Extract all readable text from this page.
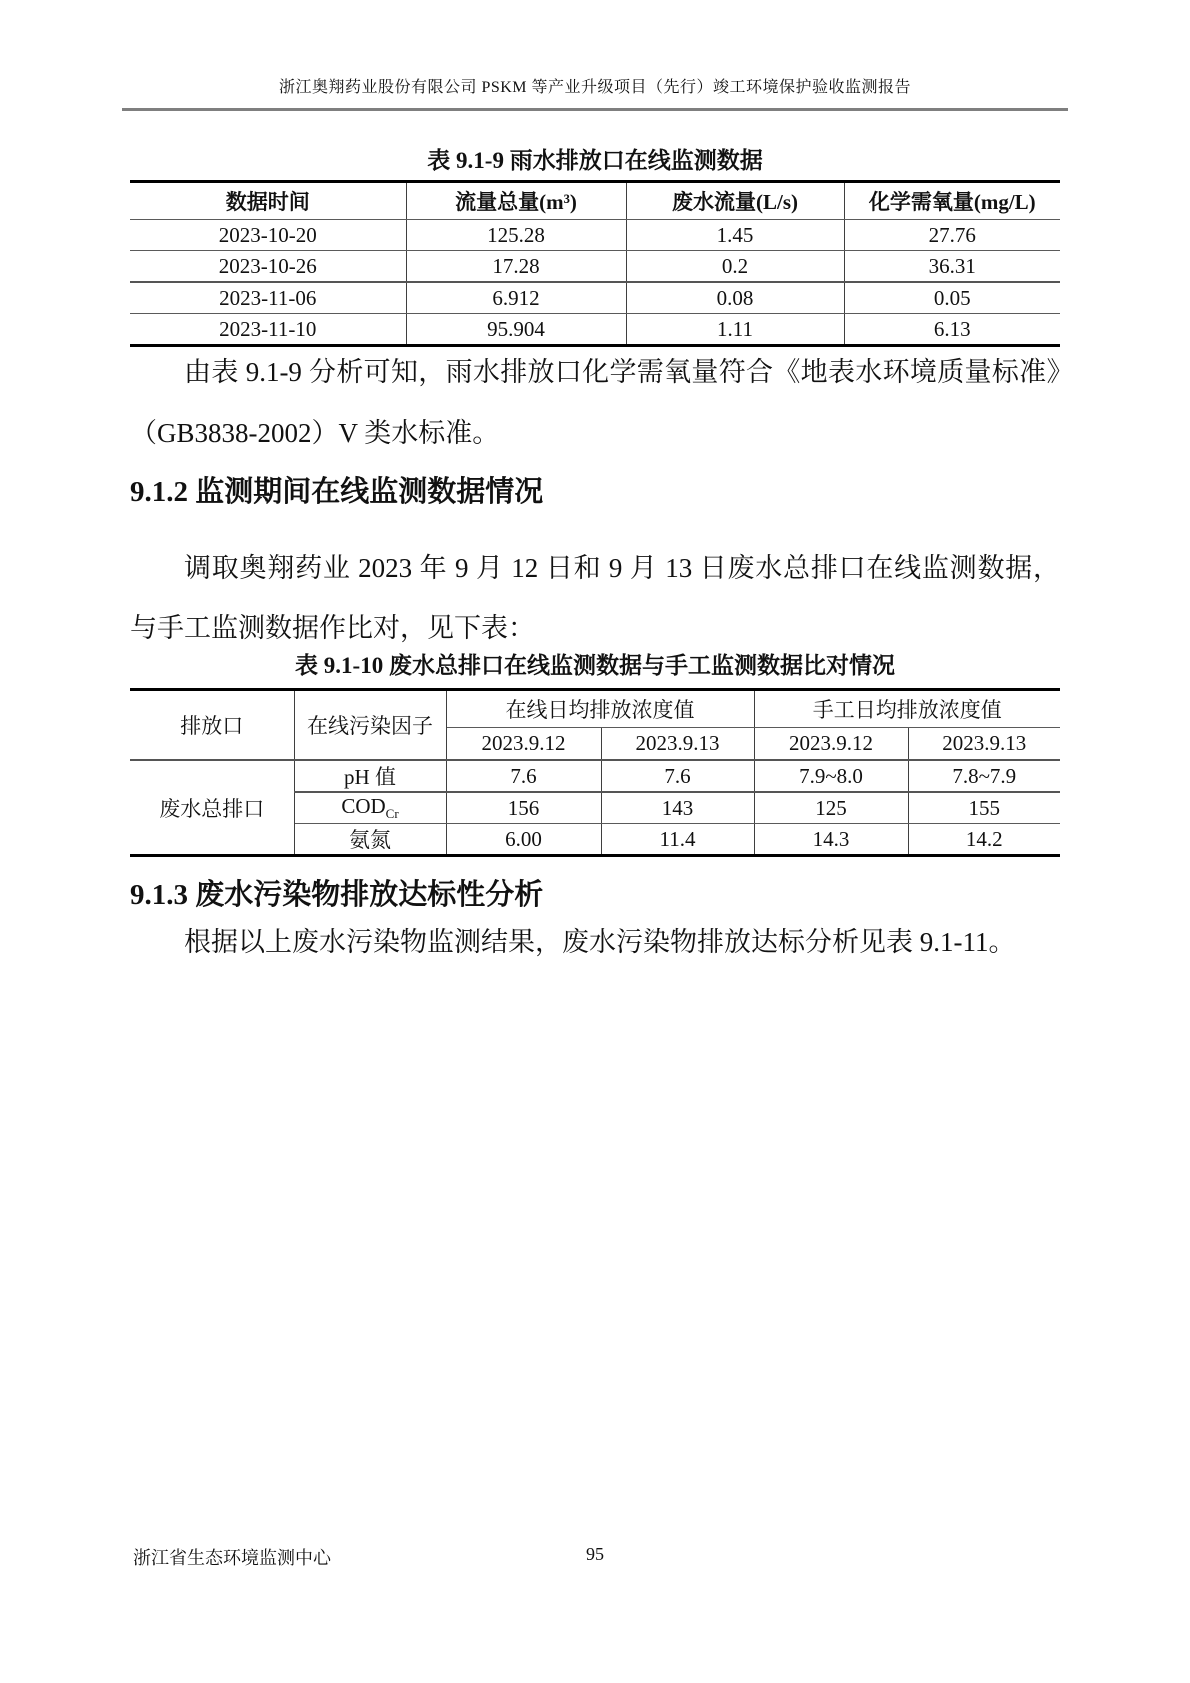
浙江奥翔药业股份有限公司 PSKM 等产业升级项目（先行）竣工环境保护验收监测报告
表 9.1-9 雨水排放口在线监测数据
数据时间	流量总量(m³)	废水流量(L/s)	化学需氧量(mg/L)
2023-10-20	125.28	1.45	27.76
2023-10-26	17.28	0.2	36.31
2023-11-06	6.912	0.08	0.05
2023-11-10	95.904	1.11	6.13

由表 9.1-9 分析可知，雨水排放口化学需氧量符合《地表水环境质量标准》（GB3838-2002）V 类水标准。

9.1.2 监测期间在线监测数据情况

调取奥翔药业 2023 年 9 月 12 日和 9 月 13 日废水总排口在线监测数据，与手工监测数据作比对，见下表：

表 9.1-10 废水总排口在线监测数据与手工监测数据比对情况
排放口	在线污染因子	在线日均排放浓度值		手工日均排放浓度值	
		2023.9.12	2023.9.13	2023.9.12	2023.9.13
废水总排口	pH 值	7.6	7.6	7.9~8.0	7.8~7.9
	$COD_{Cr}$	156	143	125	155
	氨氮	6.00	11.4	14.3	14.2
9.1.3 废水污染物排放达标性分析

根据以上废水污染物监测结果，废水污染物排放达标分析见表 9.1-11。

浙江省生态环境监测中心	95
